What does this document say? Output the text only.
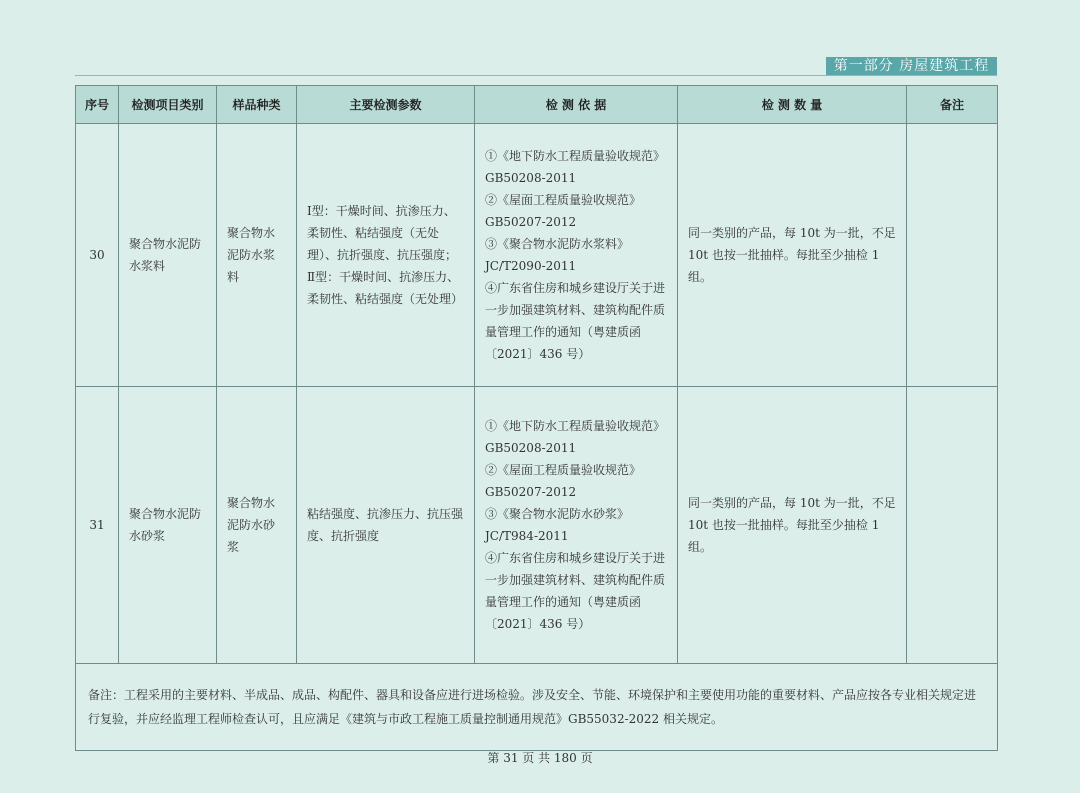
第一部分 房屋建筑工程
序号	检测项目类别	样品种类	主要检测参数	检 测 依 据	检 测 数 量	备注
30	聚合物水泥防水浆料	聚合物水泥防水浆料	Ⅰ型：干燥时间、抗渗压力、柔韧性、粘结强度（无处理）、抗折强度、抗压强度；
Ⅱ型：干燥时间、抗渗压力、柔韧性、粘结强度（无处理）	①《地下防水工程质量验收规范》GB50208-2011
②《屋面工程质量验收规范》GB50207-2012
③《聚合物水泥防水浆料》JC/T2090-2011
④广东省住房和城乡建设厅关于进一步加强建筑材料、建筑构配件质量管理工作的通知（粤建质函〔2021〕436 号）	同一类别的产品，每 10t 为一批，不足 10t 也按一批抽样。每批至少抽检 1 组。	
31	聚合物水泥防水砂浆	聚合物水泥防水砂浆	粘结强度、抗渗压力、抗压强度、抗折强度	①《地下防水工程质量验收规范》GB50208-2011
②《屋面工程质量验收规范》GB50207-2012
③《聚合物水泥防水砂浆》JC/T984-2011
④广东省住房和城乡建设厅关于进一步加强建筑材料、建筑构配件质量管理工作的通知（粤建质函〔2021〕436 号）	同一类别的产品，每 10t 为一批，不足 10t 也按一批抽样。每批至少抽检 1 组。	
备注：工程采用的主要材料、半成品、成品、构配件、器具和设备应进行进场检验。涉及安全、节能、环境保护和主要使用功能的重要材料、产品应按各专业相关规定进行复验，并应经监理工程师检查认可，且应满足《建筑与市政工程施工质量控制通用规范》GB55032-2022 相关规定。						
第 31 页 共 180 页
